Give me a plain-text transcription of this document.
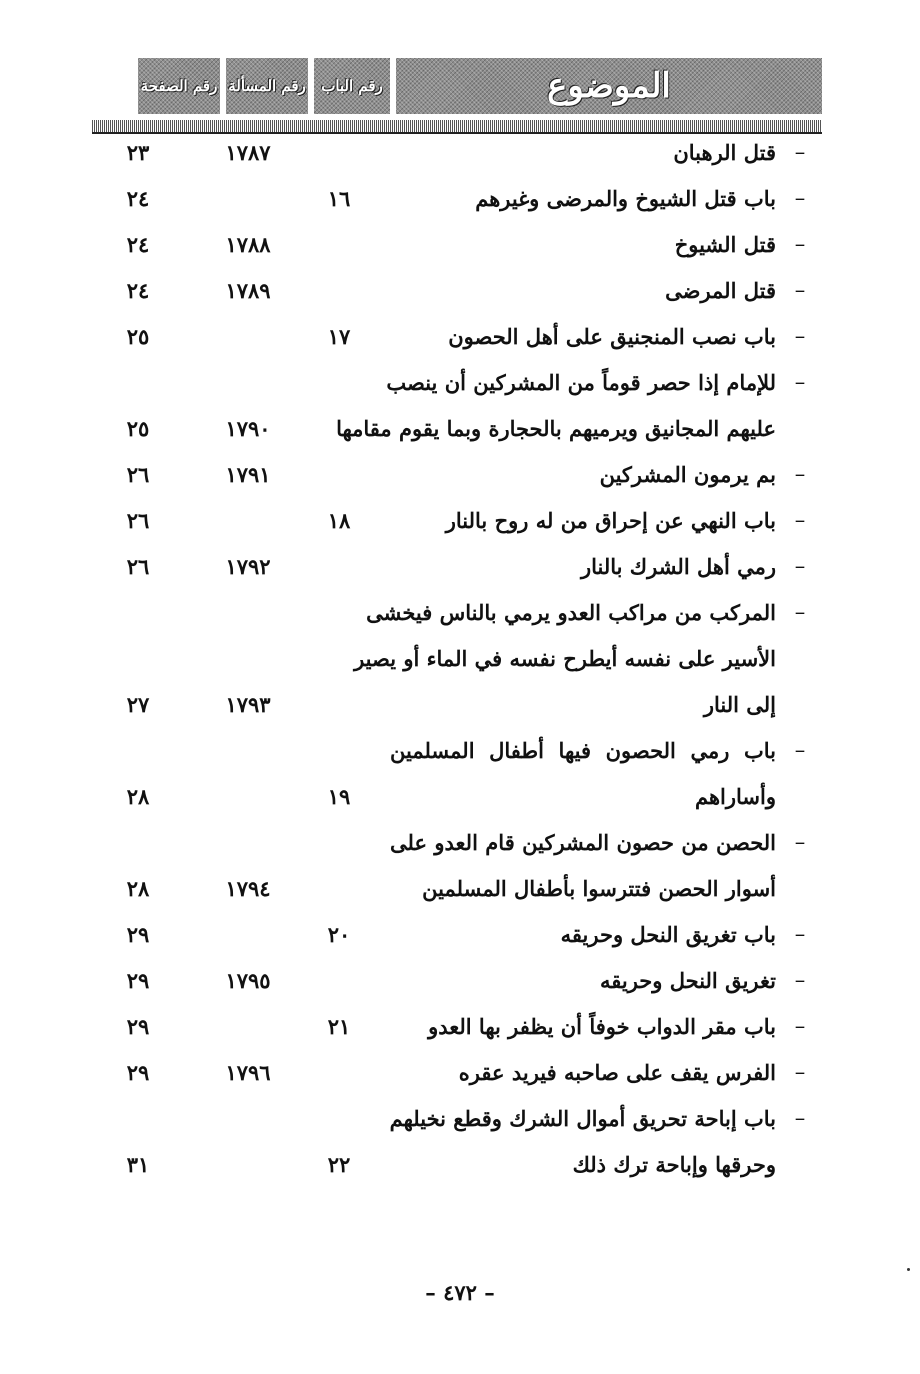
الموضوع
رقم الباب
رقم المسألة
رقم الصفحة
–
قتل الرهبان
١٧٨٧
٢٣
–
باب قتل الشيوخ والمرضى وغيرهم
١٦
٢٤
–
قتل الشيوخ
١٧٨٨
٢٤
–
قتل المرضى
١٧٨٩
٢٤
–
باب نصب المنجنيق على أهل الحصون
١٧
٢٥
–
للإمام إذا حصر قوماً من المشركين أن ينصب
عليهم المجانيق ويرميهم بالحجارة وبما يقوم مقامها
١٧٩٠
٢٥
–
بم يرمون المشركين
١٧٩١
٢٦
–
باب النهي عن إحراق من له روح بالنار
١٨
٢٦
–
رمي أهل الشرك بالنار
١٧٩٢
٢٦
–
المركب من مراكب العدو يرمي بالناس فيخشى
الأسير على نفسه أيطرح نفسه في الماء أو يصير
إلى النار
١٧٩٣
٢٧
–
باب رمي الحصون فيها أطفال المسلمين
وأساراهم
١٩
٢٨
–
الحصن من حصون المشركين قام العدو على
أسوار الحصن فتترسوا بأطفال المسلمين
١٧٩٤
٢٨
–
باب تغريق النحل وحريقه
٢٠
٢٩
–
تغريق النحل وحريقه
١٧٩٥
٢٩
–
باب مقر الدواب خوفاً أن يظفر بها العدو
٢١
٢٩
–
الفرس يقف على صاحبه فيريد عقره
١٧٩٦
٢٩
–
باب إباحة تحريق أموال الشرك وقطع نخيلهم
وحرقها وإباحة ترك ذلك
٢٢
٣١
– ٤٧٢ –
